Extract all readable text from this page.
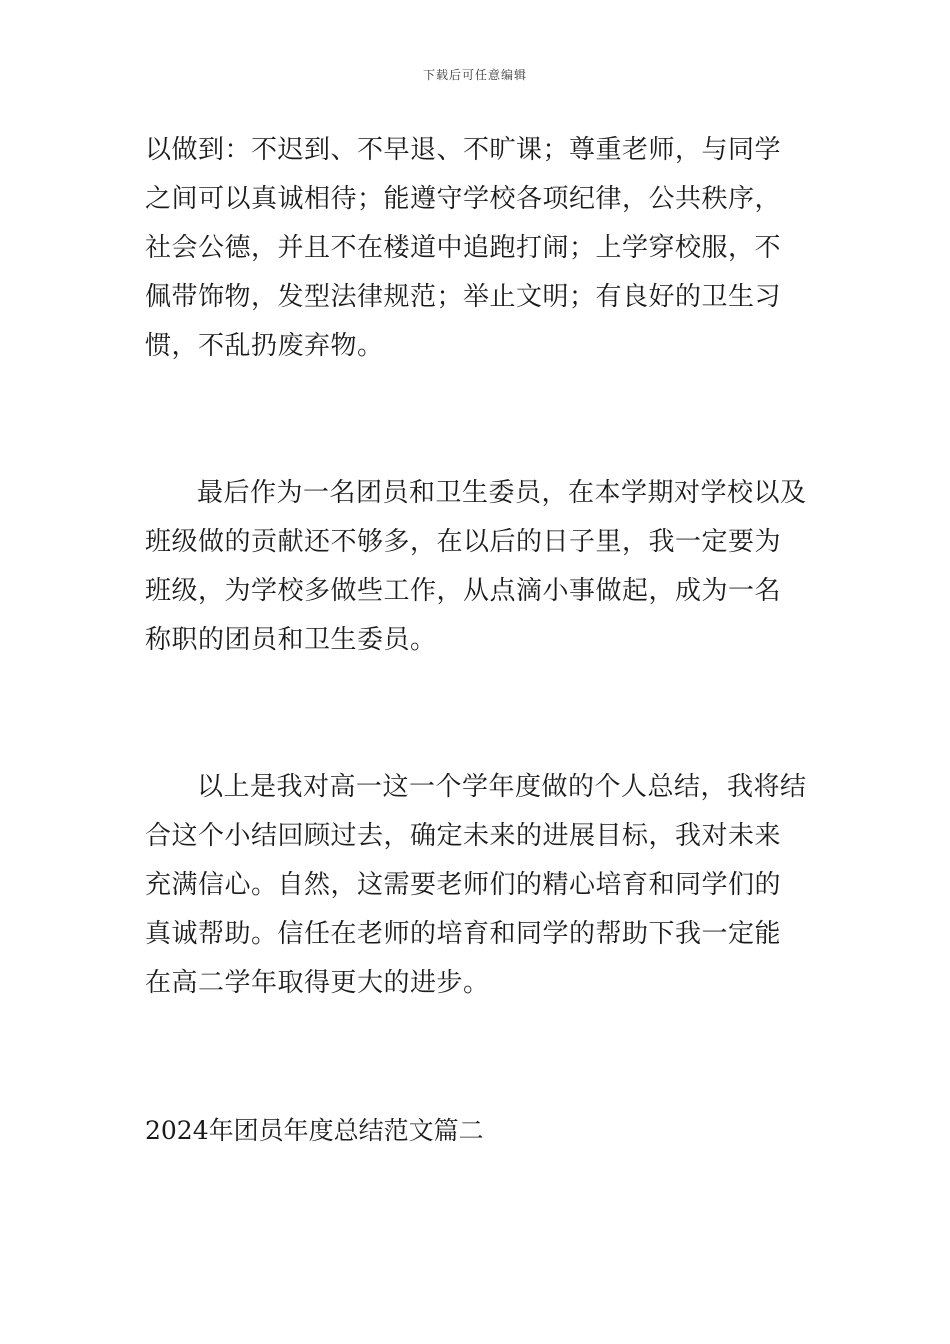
下载后可任意编辑

以做到：不迟到、不早退、不旷课；尊重老师，与同学之间可以真诚相待；能遵守学校各项纪律，公共秩序，社会公德，并且不在楼道中追跑打闹；上学穿校服，不佩带饰物，发型法律规范；举止文明；有良好的卫生习惯，不乱扔废弃物。

最后作为一名团员和卫生委员，在本学期对学校以及班级做的贡献还不够多，在以后的日子里，我一定要为班级，为学校多做些工作，从点滴小事做起，成为一名称职的团员和卫生委员。

以上是我对高一这一个学年度做的个人总结，我将结合这个小结回顾过去，确定未来的进展目标，我对未来充满信心。自然，这需要老师们的精心培育和同学们的真诚帮助。信任在老师的培育和同学的帮助下我一定能在高二学年取得更大的进步。

2024年团员年度总结范文篇二
